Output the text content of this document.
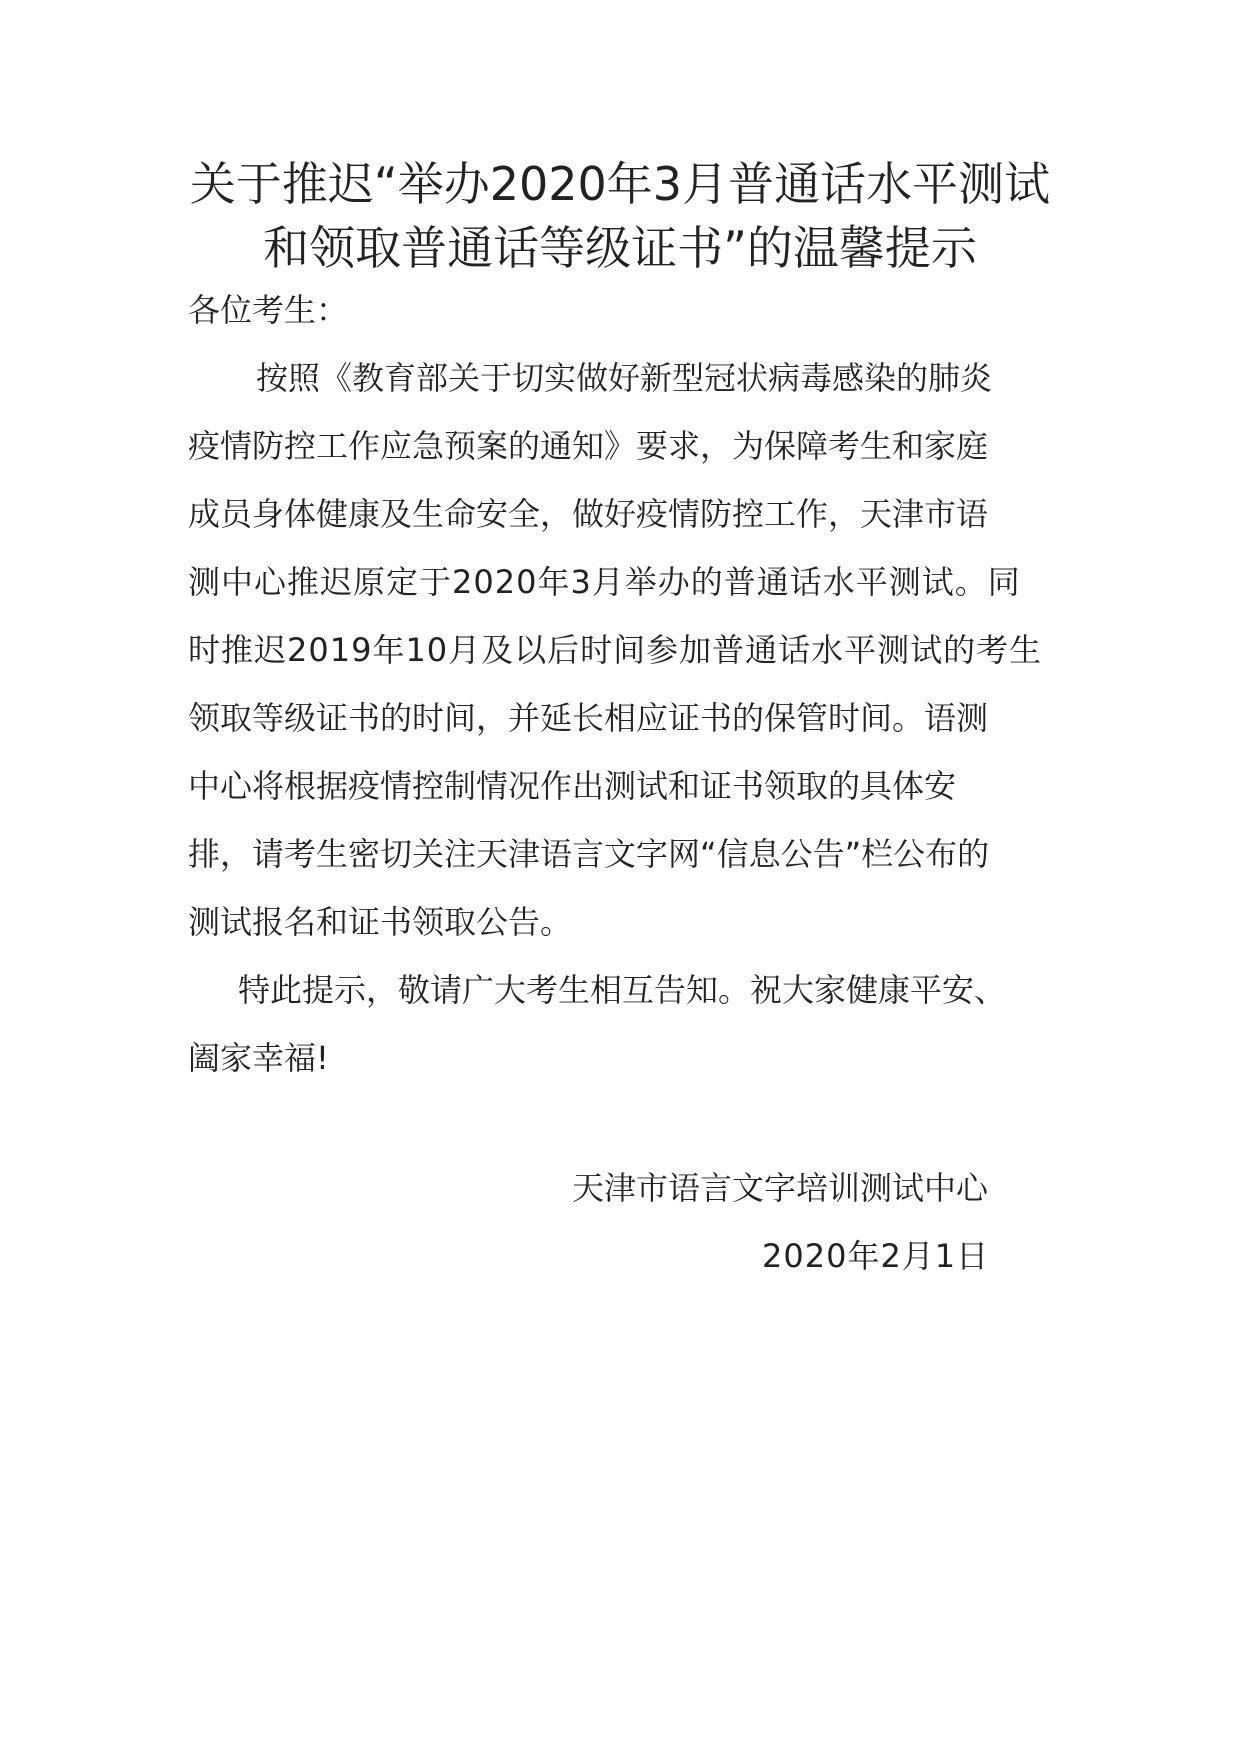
关于推迟“举办2020年3月普通话水平测试
和领取普通话等级证书”的温馨提示

各位考生：

按照《教育部关于切实做好新型冠状病毒感染的肺炎

疫情防控工作应急预案的通知》要求，为保障考生和家庭

成员身体健康及生命安全，做好疫情防控工作，天津市语

测中心推迟原定于2020年3月举办的普通话水平测试。同

时推迟2019年10月及以后时间参加普通话水平测试的考生

领取等级证书的时间，并延长相应证书的保管时间。语测

中心将根据疫情控制情况作出测试和证书领取的具体安

排，请考生密切关注天津语言文字网“信息公告”栏公布的

测试报名和证书领取公告。

特此提示，敬请广大考生相互告知。祝大家健康平安、

阖家幸福!

天津市语言文字培训测试中心
2020年2月1日
